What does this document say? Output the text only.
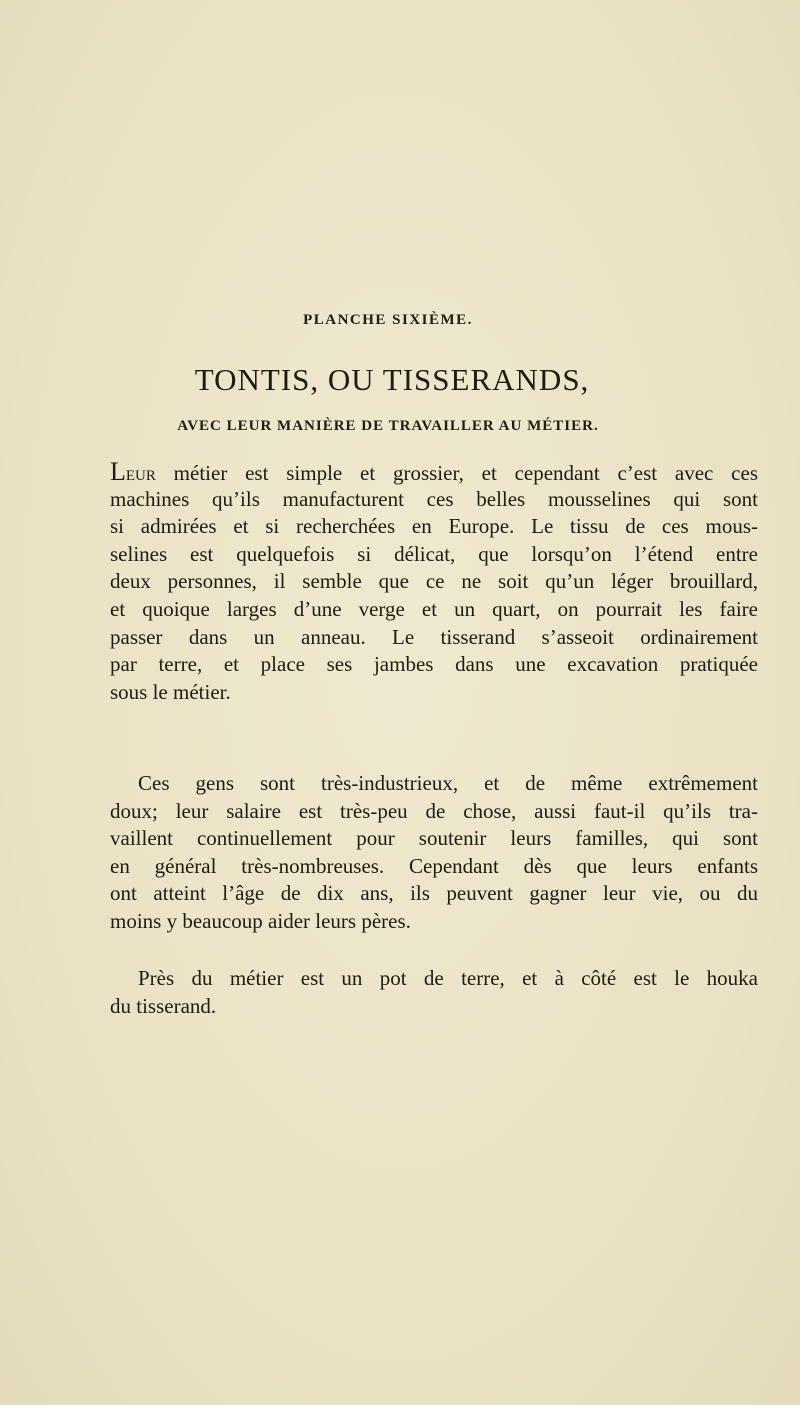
PLANCHE SIXIÈME.
TONTIS, OU TISSERANDS,
AVEC LEUR MANIÈRE DE TRAVAILLER AU MÉTIER.
Leur métier est simple et grossier, et cependant c’est avec ces
machines qu’ils manufacturent ces belles mousselines qui sont
si admirées et si recherchées en Europe. Le tissu de ces mous-
selines est quelquefois si délicat, que lorsqu’on l’étend entre
deux personnes, il semble que ce ne soit qu’un léger brouillard,
et quoique larges d’une verge et un quart, on pourrait les faire
passer dans un anneau. Le tisserand s’asseoit ordinairement
par terre, et place ses jambes dans une excavation pratiquée
sous le métier.
Ces gens sont très-industrieux, et de même extrêmement
doux; leur salaire est très-peu de chose, aussi faut-il qu’ils tra-
vaillent continuellement pour soutenir leurs familles, qui sont
en général très-nombreuses. Cependant dès que leurs enfants
ont atteint l’âge de dix ans, ils peuvent gagner leur vie, ou du
moins y beaucoup aider leurs pères.
Près du métier est un pot de terre, et à côté est le houka
du tisserand.
